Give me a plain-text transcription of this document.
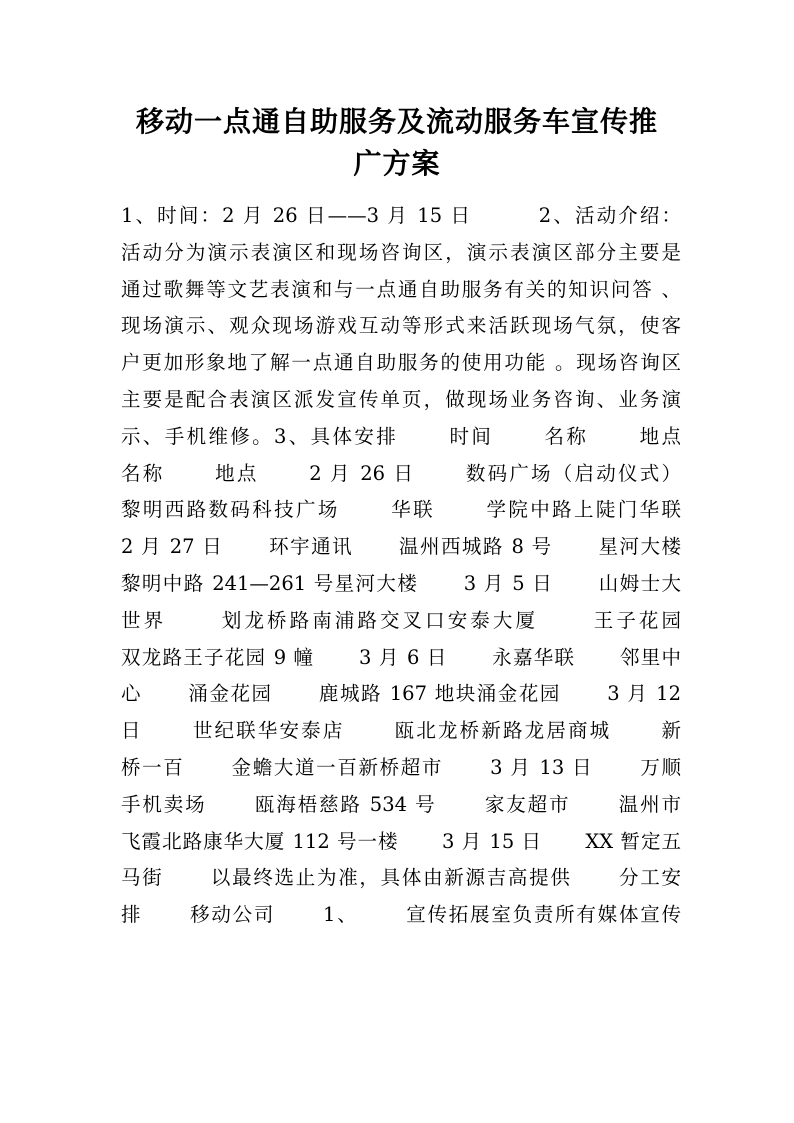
移动一点通自助服务及流动服务车宣传推
广方案
1、时间：2 月 26 日——3 月 15 日        2、活动介绍：
活动分为演示表演区和现场咨询区，演示表演区部分主要是
通过歌舞等文艺表演和与一点通自助服务有关的知识问答 、
现场演示、观众现场游戏互动等形式来活跃现场气氛，使客
户更加形象地了解一点通自助服务的使用功能 。现场咨询区
主要是配合表演区派发宣传单页，做现场业务咨询、业务演
示、手机维修。3、具体安排      时间      名称      地点
名称      地点      2 月 26 日      数码广场（启动仪式）
黎明西路数码科技广场      华联      学院中路上陡门华联
2 月 27 日      环宇通讯      温州西城路 8 号      星河大楼
黎明中路 241—261 号星河大楼      3 月 5 日      山姆士大
世界      划龙桥路南浦路交叉口安泰大厦      王子花园
双龙路王子花园 9 幢      3 月 6 日      永嘉华联      邻里中
心      涌金花园      鹿城路 167 地块涌金花园      3 月 12
日      世纪联华安泰店      瓯北龙桥新路龙居商城      新
桥一百      金蟾大道一百新桥超市      3 月 13 日      万顺
手机卖场      瓯海梧慈路 534 号      家友超市      温州市
飞霞北路康华大厦 112 号一楼      3 月 15 日      XX 暂定五
马街      以最终选止为准，具体由新源吉高提供      分工安
排      移动公司      1、      宣传拓展室负责所有媒体宣传
